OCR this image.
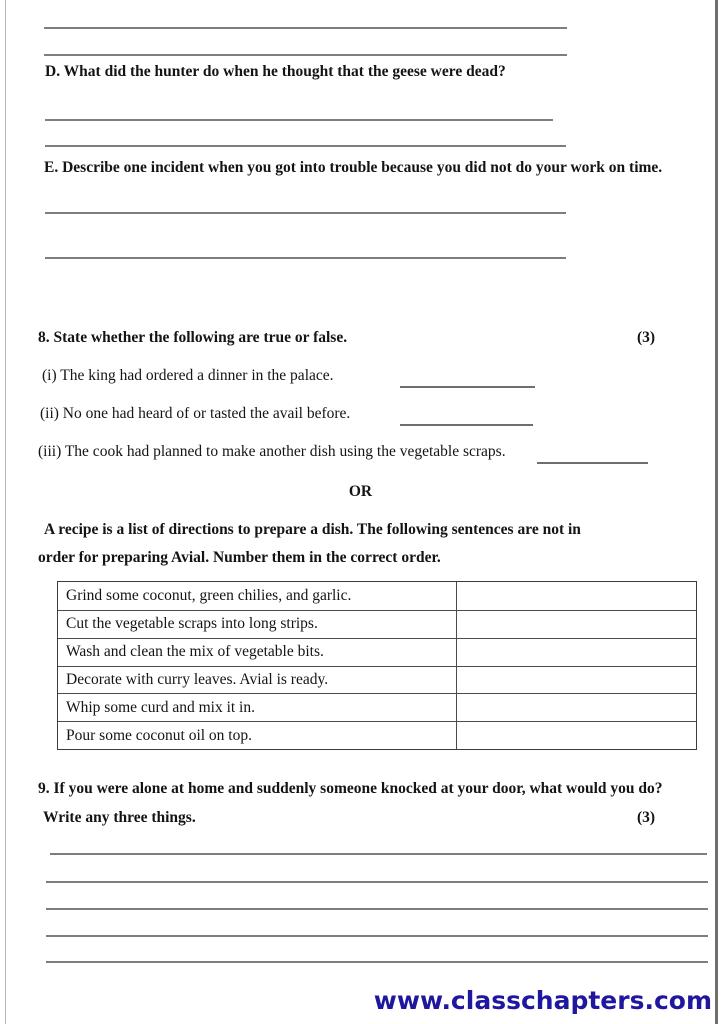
D. What did the hunter do when he thought that the geese were dead?
E. Describe one incident when you got into trouble because you did not do your work on time.
8. State whether the following are true or false.	(3)
(i) The king had ordered a dinner in the palace.
(ii) No one had heard of or tasted the avail before.
(iii) The cook had planned to make another dish using the vegetable scraps.
OR
A recipe is a list of directions to prepare a dish. The following sentences are not in
order for preparing Avial. Number them in the correct order.
Grind some coconut, green chilies, and garlic.
Cut the vegetable scraps into long strips.
Wash and clean the mix of vegetable bits.
Decorate with curry leaves. Avial is ready.
Whip some curd and mix it in.
Pour some coconut oil on top.
9. If you were alone at home and suddenly someone knocked at your door, what would you do?
Write any three things.	(3)
www.classchapters.com
